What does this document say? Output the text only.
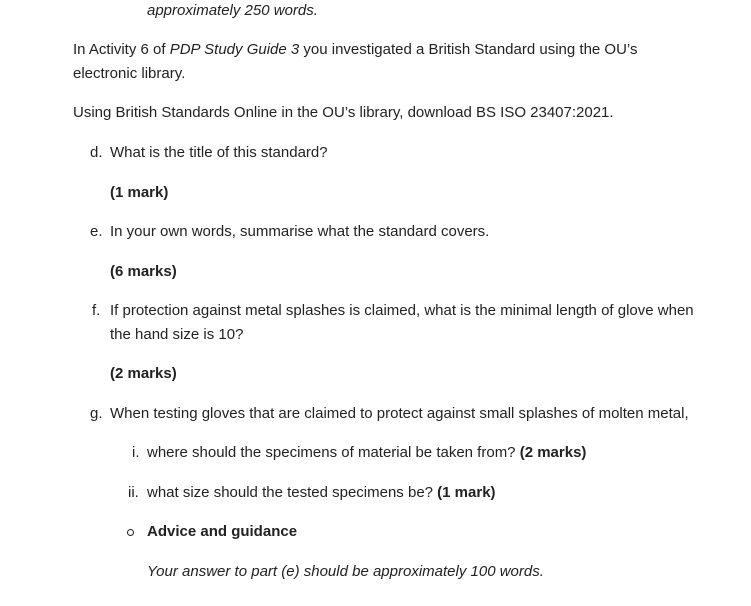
approximately 250 words.
In Activity 6 of PDP Study Guide 3 you investigated a British Standard using the OU’s
electronic library.
Using British Standards Online in the OU’s library, download BS ISO 23407:2021.
d. What is the title of this standard?
(1 mark)
e. In your own words, summarise what the standard covers.
(6 marks)
f. If protection against metal splashes is claimed, what is the minimal length of glove when
the hand size is 10?
(2 marks)
g. When testing gloves that are claimed to protect against small splashes of molten metal,
i. where should the specimens of material be taken from? (2 marks)
ii. what size should the tested specimens be? (1 mark)
Advice and guidance
Your answer to part (e) should be approximately 100 words.
